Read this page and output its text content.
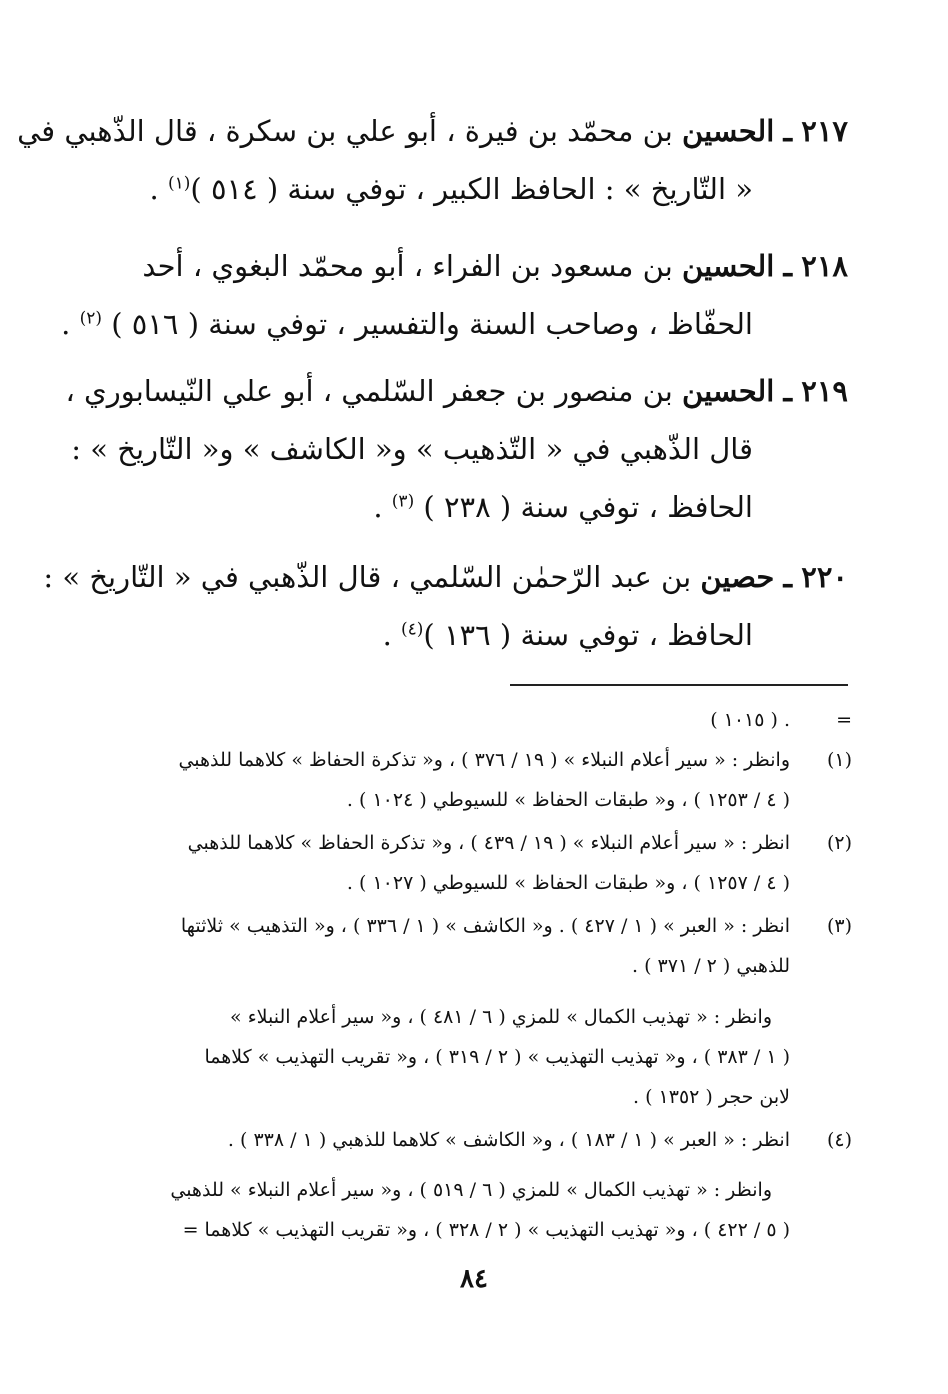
٢١٧ ـ الحسين بن محمّد بن فيرة ، أبو علي بن سكرة ، قال الذّهبي في
« التّاريخ » : الحافظ الكبير ، توفي سنة ( ٥١٤ )$^{(١)}$ .
٢١٨ ـ الحسين بن مسعود بن الفراء ، أبو محمّد البغوي ، أحد
الحفّاظ ، وصاحب السنة والتفسير ، توفي سنة ( ٥١٦ ) $^{(٢)}$ .
٢١٩ ـ الحسين بن منصور بن جعفر السّلمي ، أبو علي النّيسابوري ،
قال الذّهبي في « التّذهيب » و« الكاشف » و« التّاريخ » :
الحافظ ، توفي سنة ( ٢٣٨ ) $^{(٣)}$ .
٢٢٠ ـ حصين بن عبد الرّحمٰن السّلمي ، قال الذّهبي في « التّاريخ » :
الحافظ ، توفي سنة ( ١٣٦ )$^{(٤)}$ .
=. ( ١٠١٥ )
(١)وانظر : « سير أعلام النبلاء » ( ١٩ / ٣٧٦ ) ، و« تذكرة الحفاظ » كلاهما للذهبي
( ٤ / ١٢٥٣ ) ، و« طبقات الحفاظ » للسيوطي ( ١٠٢٤ ) .
(٢)انظر : « سير أعلام النبلاء » ( ١٩ / ٤٣٩ ) ، و« تذكرة الحفاظ » كلاهما للذهبي
( ٤ / ١٢٥٧ ) ، و« طبقات الحفاظ » للسيوطي ( ١٠٢٧ ) .
(٣)انظر : « العبر » ( ١ / ٤٢٧ ) . و« الكاشف » ( ١ / ٣٣٦ ) ، و« التذهيب » ثلاثتها
للذهبي ( ٢ / ٣٧١ ) .
وانظر : « تهذيب الكمال » للمزي ( ٦ / ٤٨١ ) ، و« سير أعلام النبلاء »
( ١ / ٣٨٣ ) ، و« تهذيب التهذيب » ( ٢ / ٣١٩ ) ، و« تقريب التهذيب » كلاهما
لابن حجر ( ١٣٥٢ ) .
(٤)انظر : « العبر » ( ١ / ١٨٣ ) ، و« الكاشف » كلاهما للذهبي ( ١ / ٣٣٨ ) .
وانظر : « تهذيب الكمال » للمزي ( ٦ / ٥١٩ ) ، و« سير أعلام النبلاء » للذهبي
( ٥ / ٤٢٢ ) ، و« تهذيب التهذيب » ( ٢ / ٣٢٨ ) ، و« تقريب التهذيب » كلاهما =
٨٤
